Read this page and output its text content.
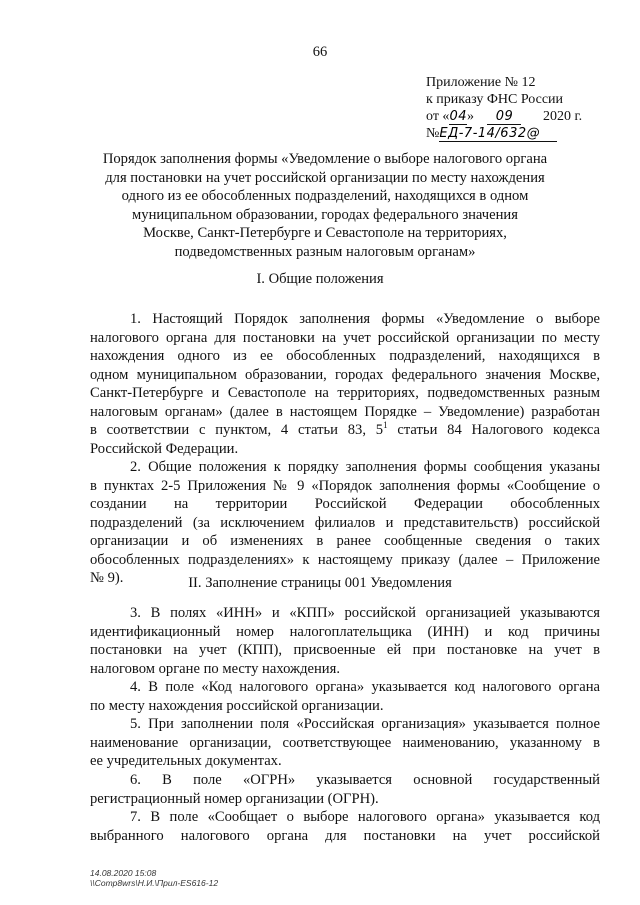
66
Приложение № 12
к приказу ФНС России
от «04» 09 2020 г.
№ЕД-7-14/632@
Порядок заполнения формы «Уведомление о выборе налогового органа
для постановки на учет российской организации по месту нахождения
одного из ее обособленных подразделений, находящихся в одном
муниципальном образовании, городах федерального значения
Москве, Санкт-Петербурге и Севастополе на территориях,
подведомственных разным налоговым органам»
I. Общие положения
1. Настоящий Порядок заполнения формы «Уведомление о выборе
налогового органа для постановки на учет российской организации по месту
нахождения одного из ее обособленных подразделений, находящихся в
одном муниципальном образовании, городах федерального значения Москве,
Санкт-Петербурге и Севастополе на территориях, подведомственных разным
налоговым органам» (далее в настоящем Порядке – Уведомление) разработан
в соответствии с пунктом, 4 статьи 83, $5^1$ статьи 84 Налогового кодекса
Российской Федерации.
2. Общие положения к порядку заполнения формы сообщения указаны
в пунктах 2-5 Приложения № 9 «Порядок заполнения формы «Сообщение о
создании на территории Российской Федерации обособленных
подразделений (за исключением филиалов и представительств) российской
организации и об изменениях в ранее сообщенные сведения о таких
обособленных подразделениях» к настоящему приказу (далее – Приложение
№ 9).	II. Заполнение страницы 001 Уведомления
3. В полях «ИНН» и «КПП» российской организацией указываются
идентификационный номер налогоплательщика (ИНН) и код причины
постановки на учет (КПП), присвоенные ей при постановке на учет в
налоговом органе по месту нахождения.
4. В поле «Код налогового органа» указывается код налогового органа
по месту нахождения российской организации.
5. При заполнении поля «Российская организация» указывается полное
наименование организации, соответствующее наименованию, указанному в
ее учредительных документах.
6. В поле «ОГРН» указывается основной государственный
регистрационный номер организации (ОГРН).
7. В поле «Сообщает о выборе налогового органа» указывается код
выбранного налогового органа для постановки на учет российской
14.08.2020 15:08
\\Comp8wrs\Н.И.\Прил-ES616-12
